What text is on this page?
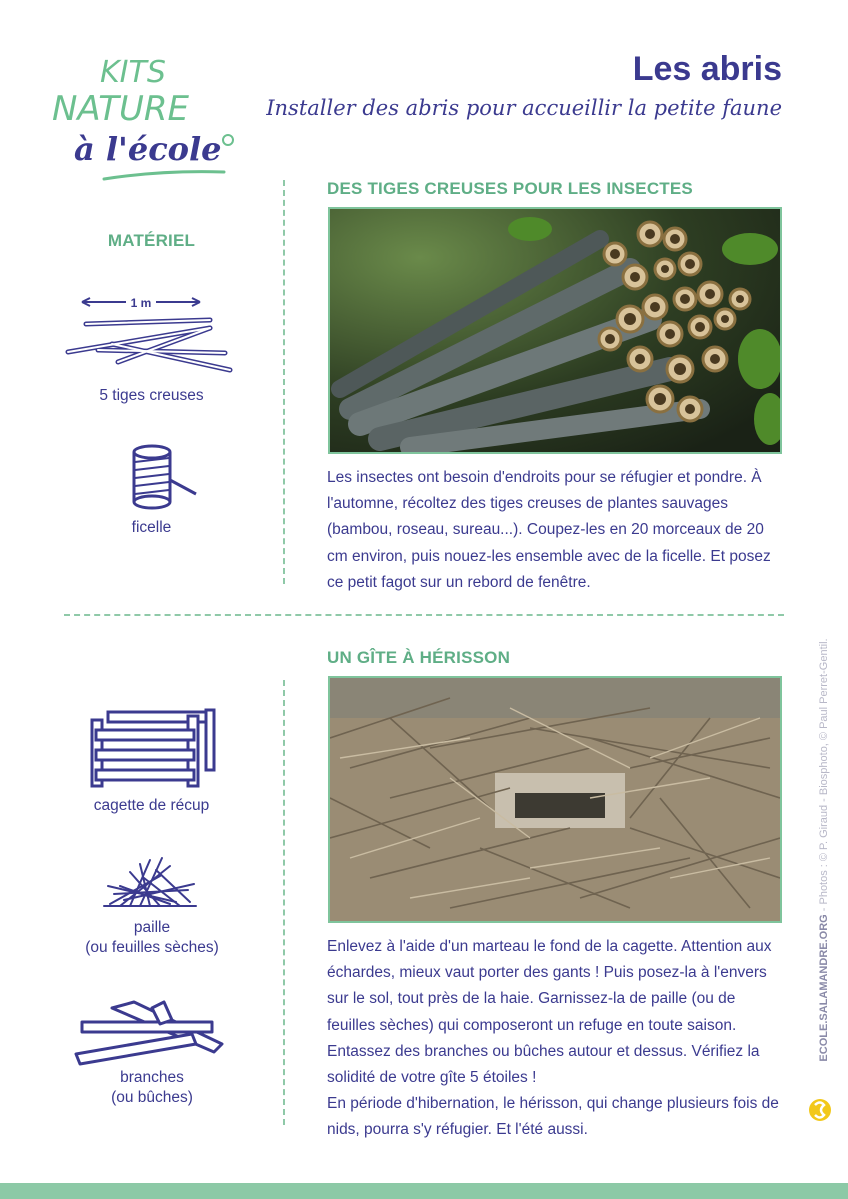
KITS
NATURE
à l'école
Les abris
Installer des abris pour accueillir la petite faune
MATÉRIEL
1 m
5 tiges creuses
ficelle
cagette de récup
paille
(ou feuilles sèches)
branches
(ou bûches)
DES TIGES CREUSES POUR LES INSECTES

Les insectes ont besoin d'endroits pour se réfugier et pondre. À l'automne, récoltez des tiges creuses de plantes sauvages (bambou, roseau, sureau...). Coupez-les en 20 morceaux de 20 cm environ, puis nouez-les ensemble avec de la ficelle. Et posez ce petit fagot sur un rebord de fenêtre.

UN GÎTE À HÉRISSON

Enlevez à l'aide d'un marteau le fond de la cagette. Attention aux échardes, mieux vaut porter des gants ! Puis posez-la à l'envers sur le sol, tout près de la haie. Garnissez-la de paille (ou de feuilles sèches) qui composeront un refuge en toute saison. Entassez des branches ou bûches autour et dessus. Vérifiez la solidité de votre gîte 5 étoiles !

En période d'hibernation, le hérisson, qui change plusieurs fois de nids, pourra s'y réfugier. Et l'été aussi.

ECOLE.SALAMANDRE.ORG - Photos : © P. Giraud - Biosphoto, © Paul Perret-Gentil.
